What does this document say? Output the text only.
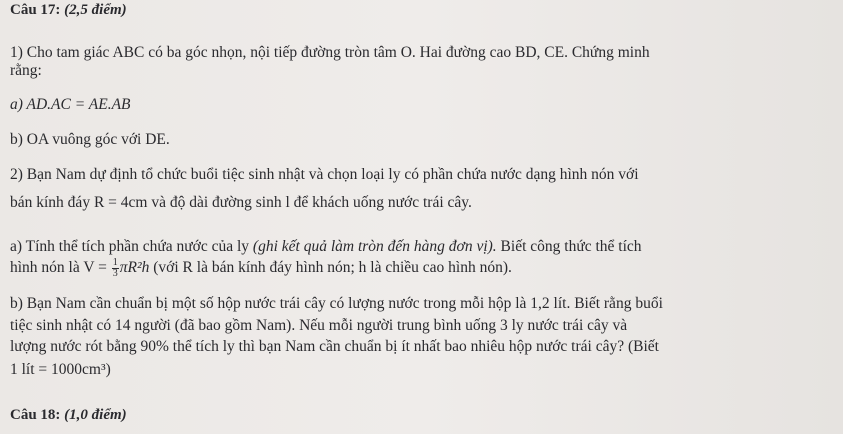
Câu 17: (2,5 điểm)
1) Cho tam giác ABC có ba góc nhọn, nội tiếp đường tròn tâm O. Hai đường cao BD, CE. Chứng minh
rằng:
a) AD.AC = AE.AB
b) OA vuông góc với DE.
2) Bạn Nam dự định tổ chức buổi tiệc sinh nhật và chọn loại ly có phần chứa nước dạng hình nón với
bán kính đáy R = 4cm và độ dài đường sinh l để khách uống nước trái cây.
a) Tính thể tích phần chứa nước của ly (ghi kết quả làm tròn đến hàng đơn vị). Biết công thức thể tích
hình nón là $V = \frac{1}{3} \pi R^2h$ (với R là bán kính đáy hình nón; h là chiều cao hình nón).
b) Bạn Nam cần chuẩn bị một số hộp nước trái cây có lượng nước trong mỗi hộp là 1,2 lít. Biết rằng buổi
tiệc sinh nhật có 14 người (đã bao gồm Nam). Nếu mỗi người trung bình uống 3 ly nước trái cây và
lượng nước rót bằng 90% thể tích ly thì bạn Nam cần chuẩn bị ít nhất bao nhiêu hộp nước trái cây? (Biết
1 lít = 1000cm³)
Câu 18: (1,0 điểm)
